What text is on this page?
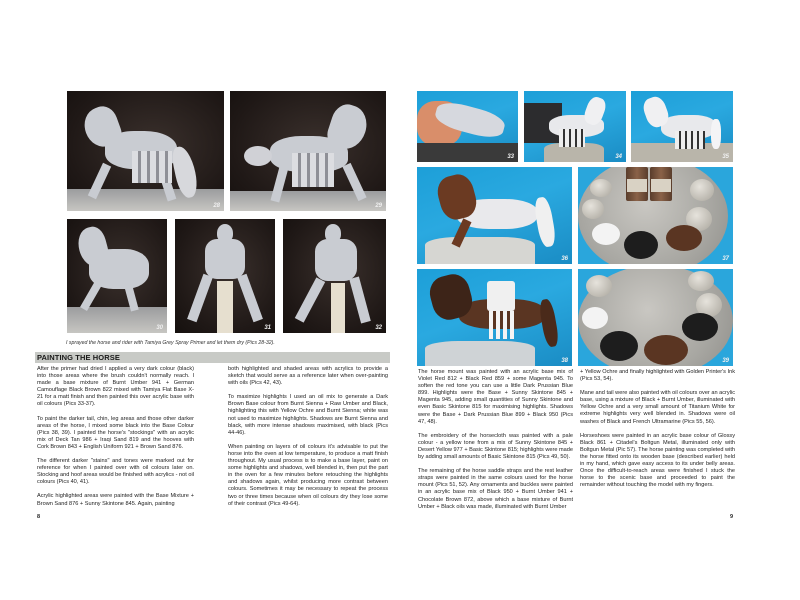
28	29
30	31	32
I sprayed the horse and rider with Tamiya Grey Spray Primer and let them dry (Pics 28-32).
PAINTING THE HORSE

After the primer had dried I applied a very dark colour (black) into those areas where the brush couldn't normally reach. I made a base mixture of Burnt Umber 941 + German Camouflage Black Brown 822 mixed with Tamiya Flat Base X-21 for a matt finish and then painted this over acrylic base with oil colours (Pics 33-37).

To paint the darker tail, chin, leg areas and those other darker areas of the horse, I mixed some black into the Base Colour (Pics 38, 39). I painted the horse's "stockings" with an acrylic mix of Deck Tan 986 + Iraqi Sand 819 and the hooves with Cork Brown 843 + English Uniform 921 + Brown Sand 876.

The different darker "stains" and tones were marked out for reference for when I painted over with oil colours later on. Stocking and hoof areas would be finished with acrylics - not oil colours (Pics 40, 41).

Acrylic highlighted areas were painted with the Base Mixture + Brown Sand 876 + Sunny Skintone 845. Again, painting

both highlighted and shaded areas with acrylics to provide a sketch that would serve as a reference later when over-painting with oils (Pics 42, 43).

To maximize highlights I used an oil mix to generate a Dark Brown Base colour from Burnt Sienna + Raw Umber and Black, highlighting this with Yellow Ochre and Burnt Sienna; white was not used to maximize highlights. Shadows are Burnt Sienna and black, with more intense shadows maximised, with black (Pics 44-46).

When painting on layers of oil colours it's advisable to put the horse into the oven at low temperature, to produce a matt finish throughout. My usual process is to make a base layer, paint on some highlights and shadows, well blended in, then put the part in the oven for a few minutes before retouching the highlights and shadows again, whilst producing more contrast between colours. Sometimes it may be necessary to repeat the process two or three times because when oil colours dry they lose some of their contrast (Pics 49-64).

8
33	34	35
36	37
38	39

The horse mount was painted with an acrylic base mix of Violet Red 812 + Black Red 859 + some Magenta 945. To soften the red tone you can use a little Dark Prussian Blue 899. Highlights were the Base + Sunny Skintone 845 + Magenta 945, adding small quantities of Sunny Skintone and even Basic Skintone 815 for maximising highlights. Shadows were the Base + Dark Prussian Blue 899 + Black 950 (Pics 47, 48).

The embroidery of the horsecloth was painted with a pale colour - a yellow tone from a mix of Sunny Skintone 845 + Desert Yellow 977 + Basic Skintone 815; highlights were made by adding small amounts of Basic Skintone 815 (Pics 49, 50).

The remaining of the horse saddle straps and the rest leather straps were painted in the same colours used for the horse mount (Pics 51, 52). Any ornaments and buckles were painted in an acrylic base mix of Black 950 + Burnt Umber 941 + Chocolate Brown 872, above which a base mixture of Burnt Umber + Black oils was made, illuminated with Burnt Umber

+ Yellow Ochre and finally highlighted with Golden Printer's Ink (Pics 53, 54).

Mane and tail were also painted with oil colours over an acrylic base, using a mixture of Black + Burnt Umber, illuminated with Yellow Ochre and a very small amount of Titanium White for extreme highlights very well blended in. Shadows were oil washes of Black and French Ultramarine (Pics 55, 56).

Horseshoes were painted in an acrylic base colour of Glossy Black 861 + Citadel's Boltgun Metal, illuminated only with Boltgun Metal (Pic 57). The horse painting was completed with the horse fitted onto its wooden base (described earlier) held in my hand, which gave easy access to its under belly areas. Once the difficult-to-reach areas were finished I stuck the horse to the scenic base and proceeded to paint the remainder without touching the model with my fingers.

9
